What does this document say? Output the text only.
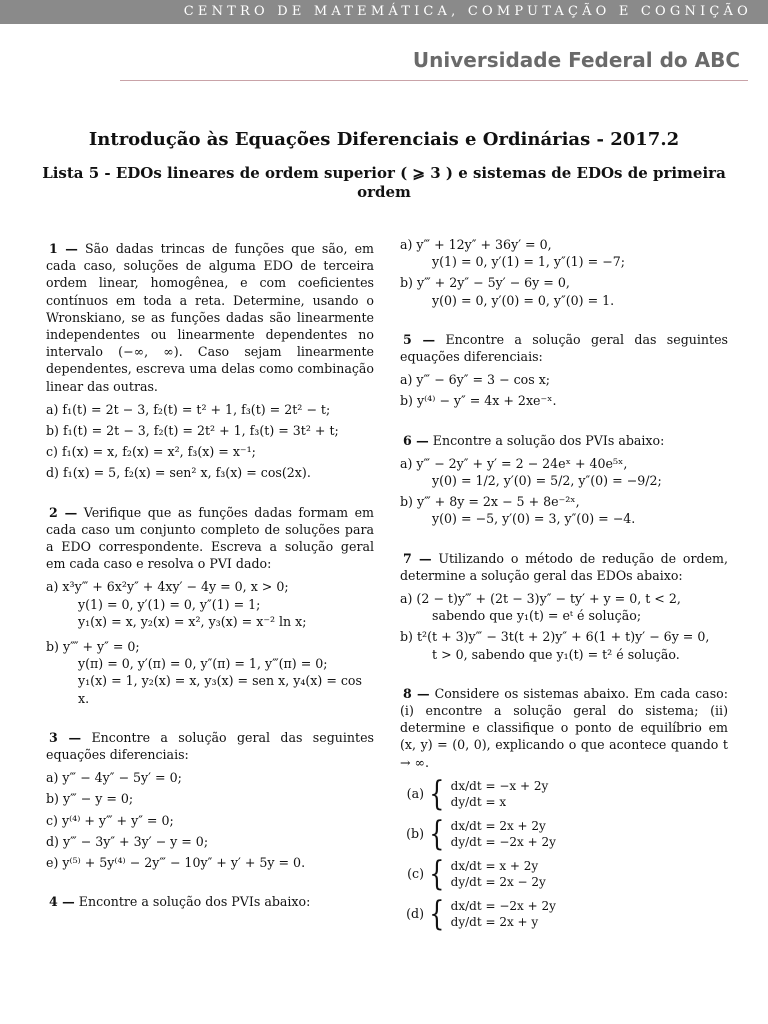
CENTRO DE MATEMÁTICA, COMPUTAÇÃO E COGNIÇÃO
Universidade Federal do ABC
Introdução às Equações Diferenciais e Ordinárias - 2017.2
Lista 5 - EDOs lineares de ordem superior ( ⩾ 3 ) e sistemas de EDOs de primeira ordem

1 — São dadas trincas de funções que são, em cada caso, soluções de alguma EDO de terceira ordem linear, homogênea, e com coeficientes contínuos em toda a reta. Determine, usando o Wronskiano, se as funções dadas são linearmente independentes ou linearmente dependentes no intervalo (−∞, ∞). Caso sejam linearmente dependentes, escreva uma delas como combinação linear das outras.

a) f₁(t) = 2t − 3, f₂(t) = t² + 1, f₃(t) = 2t² − t;
b) f₁(t) = 2t − 3, f₂(t) = 2t² + 1, f₃(t) = 3t² + t;
c) f₁(x) = x, f₂(x) = x², f₃(x) = x⁻¹;
d) f₁(x) = 5, f₂(x) = sen² x, f₃(x) = cos(2x).

2 — Verifique que as funções dadas formam em cada caso um conjunto completo de soluções para a EDO correspondente. Escreva a solução geral em cada caso e resolva o PVI dado:

a) x³y‴ + 6x²y″ + 4xy′ − 4y = 0, x > 0;
y(1) = 0, y′(1) = 0, y″(1) = 1;
y₁(x) = x, y₂(x) = x², y₃(x) = x⁻² ln x;
b) y⁗ + y″ = 0;
y(π) = 0, y′(π) = 0, y″(π) = 1, y‴(π) = 0;
y₁(x) = 1, y₂(x) = x, y₃(x) = sen x, y₄(x) = cos x.

3 — Encontre a solução geral das seguintes equações diferenciais:

a) y‴ − 4y″ − 5y′ = 0;
b) y‴ − y = 0;
c) y⁽⁴⁾ + y‴ + y″ = 0;
d) y‴ − 3y″ + 3y′ − y = 0;
e) y⁽⁵⁾ + 5y⁽⁴⁾ − 2y‴ − 10y″ + y′ + 5y = 0.

4 — Encontre a solução dos PVIs abaixo:

a) y‴ + 12y″ + 36y′ = 0,
y(1) = 0, y′(1) = 1, y″(1) = −7;
b) y‴ + 2y″ − 5y′ − 6y = 0,
y(0) = 0, y′(0) = 0, y″(0) = 1.

5 — Encontre a solução geral das seguintes equações diferenciais:

a) y‴ − 6y″ = 3 − cos x;
b) y⁽⁴⁾ − y″ = 4x + 2xe⁻ˣ.

6 — Encontre a solução dos PVIs abaixo:

a) y‴ − 2y″ + y′ = 2 − 24eˣ + 40e⁵ˣ,
y(0) = 1/2, y′(0) = 5/2, y″(0) = −9/2;
b) y‴ + 8y = 2x − 5 + 8e⁻²ˣ,
y(0) = −5, y′(0) = 3, y″(0) = −4.

7 — Utilizando o método de redução de ordem, determine a solução geral das EDOs abaixo:

a) (2 − t)y‴ + (2t − 3)y″ − ty′ + y = 0, t < 2,
sabendo que y₁(t) = eᵗ é solução;
b) t²(t + 3)y‴ − 3t(t + 2)y″ + 6(1 + t)y′ − 6y = 0,
t > 0, sabendo que y₁(t) = t² é solução.

8 — Considere os sistemas abaixo. Em cada caso: (i) encontre a solução geral do sistema; (ii) determine e classifique o ponto de equilíbrio em (x, y) = (0, 0), explicando o que acontece quando t → ∞.

(a) { dx/dt = −x + 2y
dy/dt = x
(b) { dx/dt = 2x + 2y
dy/dt = −2x + 2y
(c) { dx/dt = x + 2y
dy/dt = 2x − 2y
(d) { dx/dt = −2x + 2y
dy/dt = 2x + y
